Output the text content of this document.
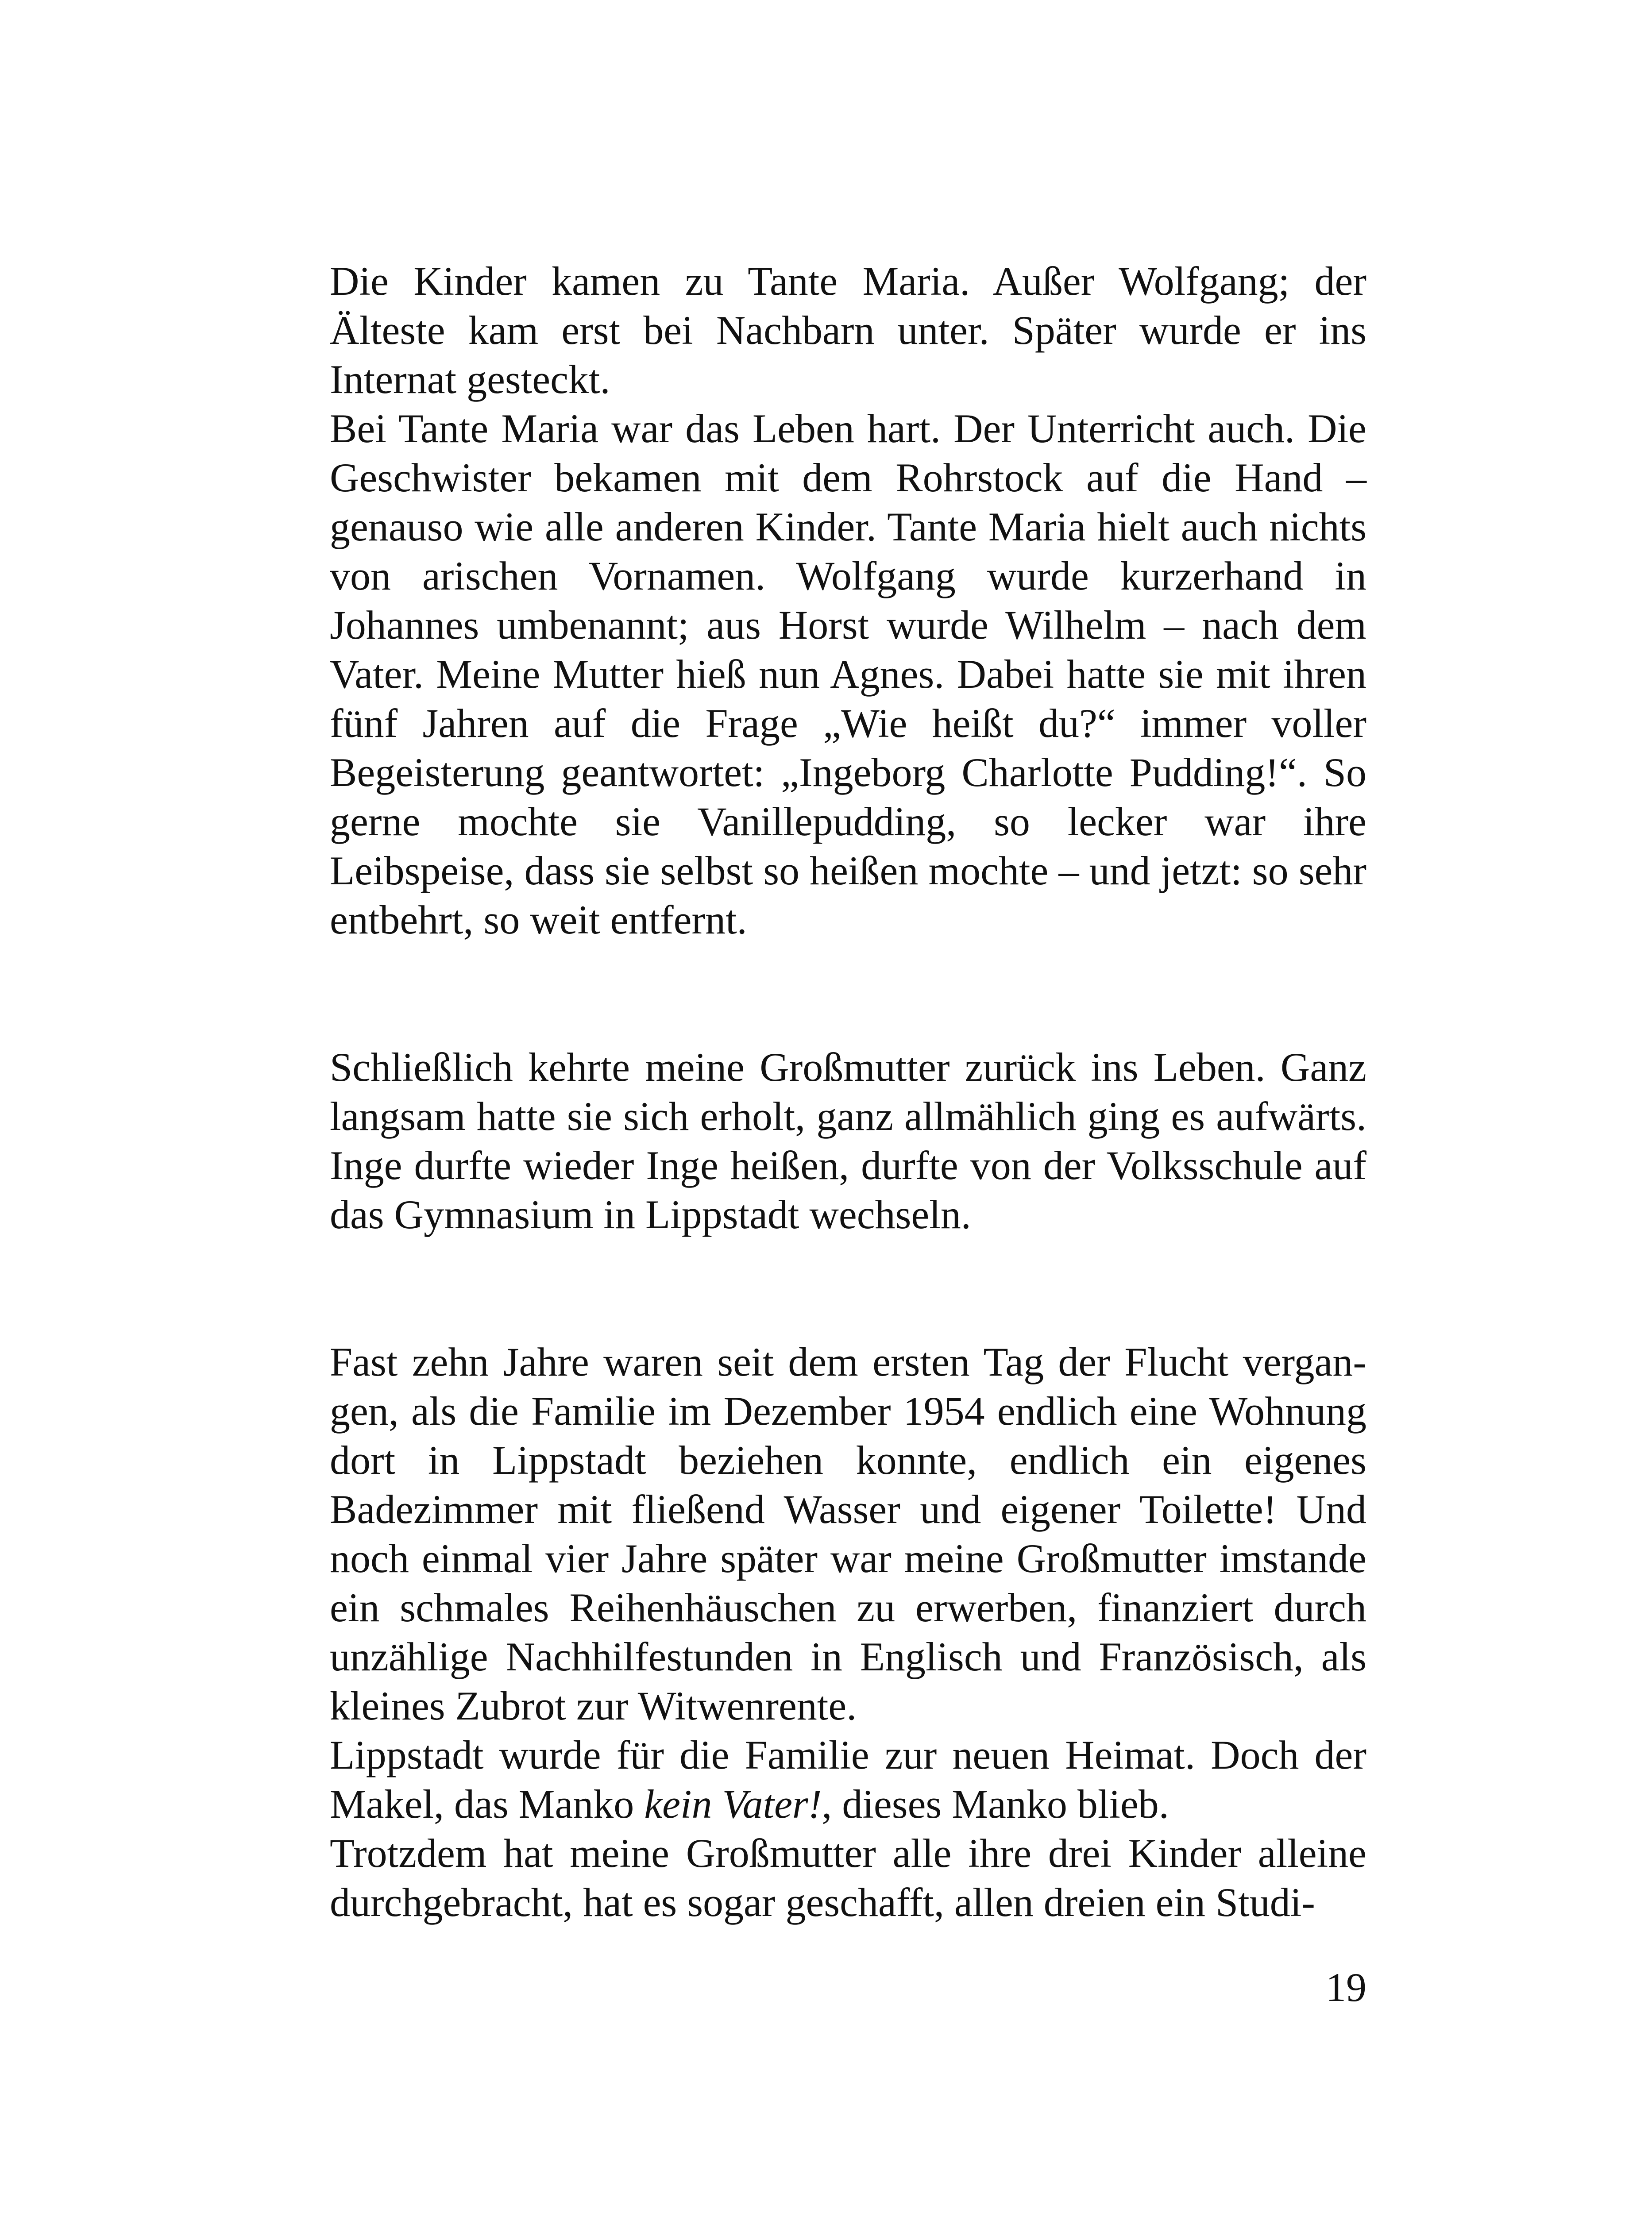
Die Kinder kamen zu Tante Maria. Außer Wolfgang; der Älteste kam erst bei Nachbarn unter. Später wurde er ins Internat gesteckt.

Bei Tante Maria war das Leben hart. Der Unterricht auch. Die Geschwister bekamen mit dem Rohrstock auf die Hand – genauso wie alle anderen Kinder. Tante Maria hielt auch nichts von arischen Vornamen. Wolfgang wurde kurzerhand in Johannes umbenannt; aus Horst wurde Wilhelm – nach dem Vater. Meine Mutter hieß nun Agnes. Dabei hatte sie mit ihren fünf Jahren auf die Frage „Wie heißt du?“ immer voller Begeisterung geantwortet: „Ingeborg Charlotte Pudding!“. So gerne mochte sie Vanillepudding, so lecker war ihre Leibspeise, dass sie selbst so heißen mochte – und jetzt: so sehr entbehrt, so weit entfernt.

Schließlich kehrte meine Großmutter zurück ins Leben. Ganz langsam hatte sie sich erholt, ganz allmählich ging es aufwärts. Inge durfte wieder Inge heißen, durfte von der Volksschule auf das Gymnasium in Lippstadt wechseln.

Fast zehn Jahre waren seit dem ersten Tag der Flucht vergangen, als die Familie im Dezember 1954 endlich eine Wohnung dort in Lippstadt beziehen konnte, endlich ein eigenes Badezimmer mit fließend Wasser und eigener Toilette! Und noch einmal vier Jahre später war meine Großmutter imstande ein schmales Reihenhäuschen zu erwerben, finanziert durch unzählige Nachhilfestunden in Englisch und Französisch, als kleines Zubrot zur Witwenrente.

Lippstadt wurde für die Familie zur neuen Heimat. Doch der Makel, das Manko kein Vater!, dieses Manko blieb.

Trotzdem hat meine Großmutter alle ihre drei Kinder alleine durchgebracht, hat es sogar geschafft, allen dreien ein Studi-

19
